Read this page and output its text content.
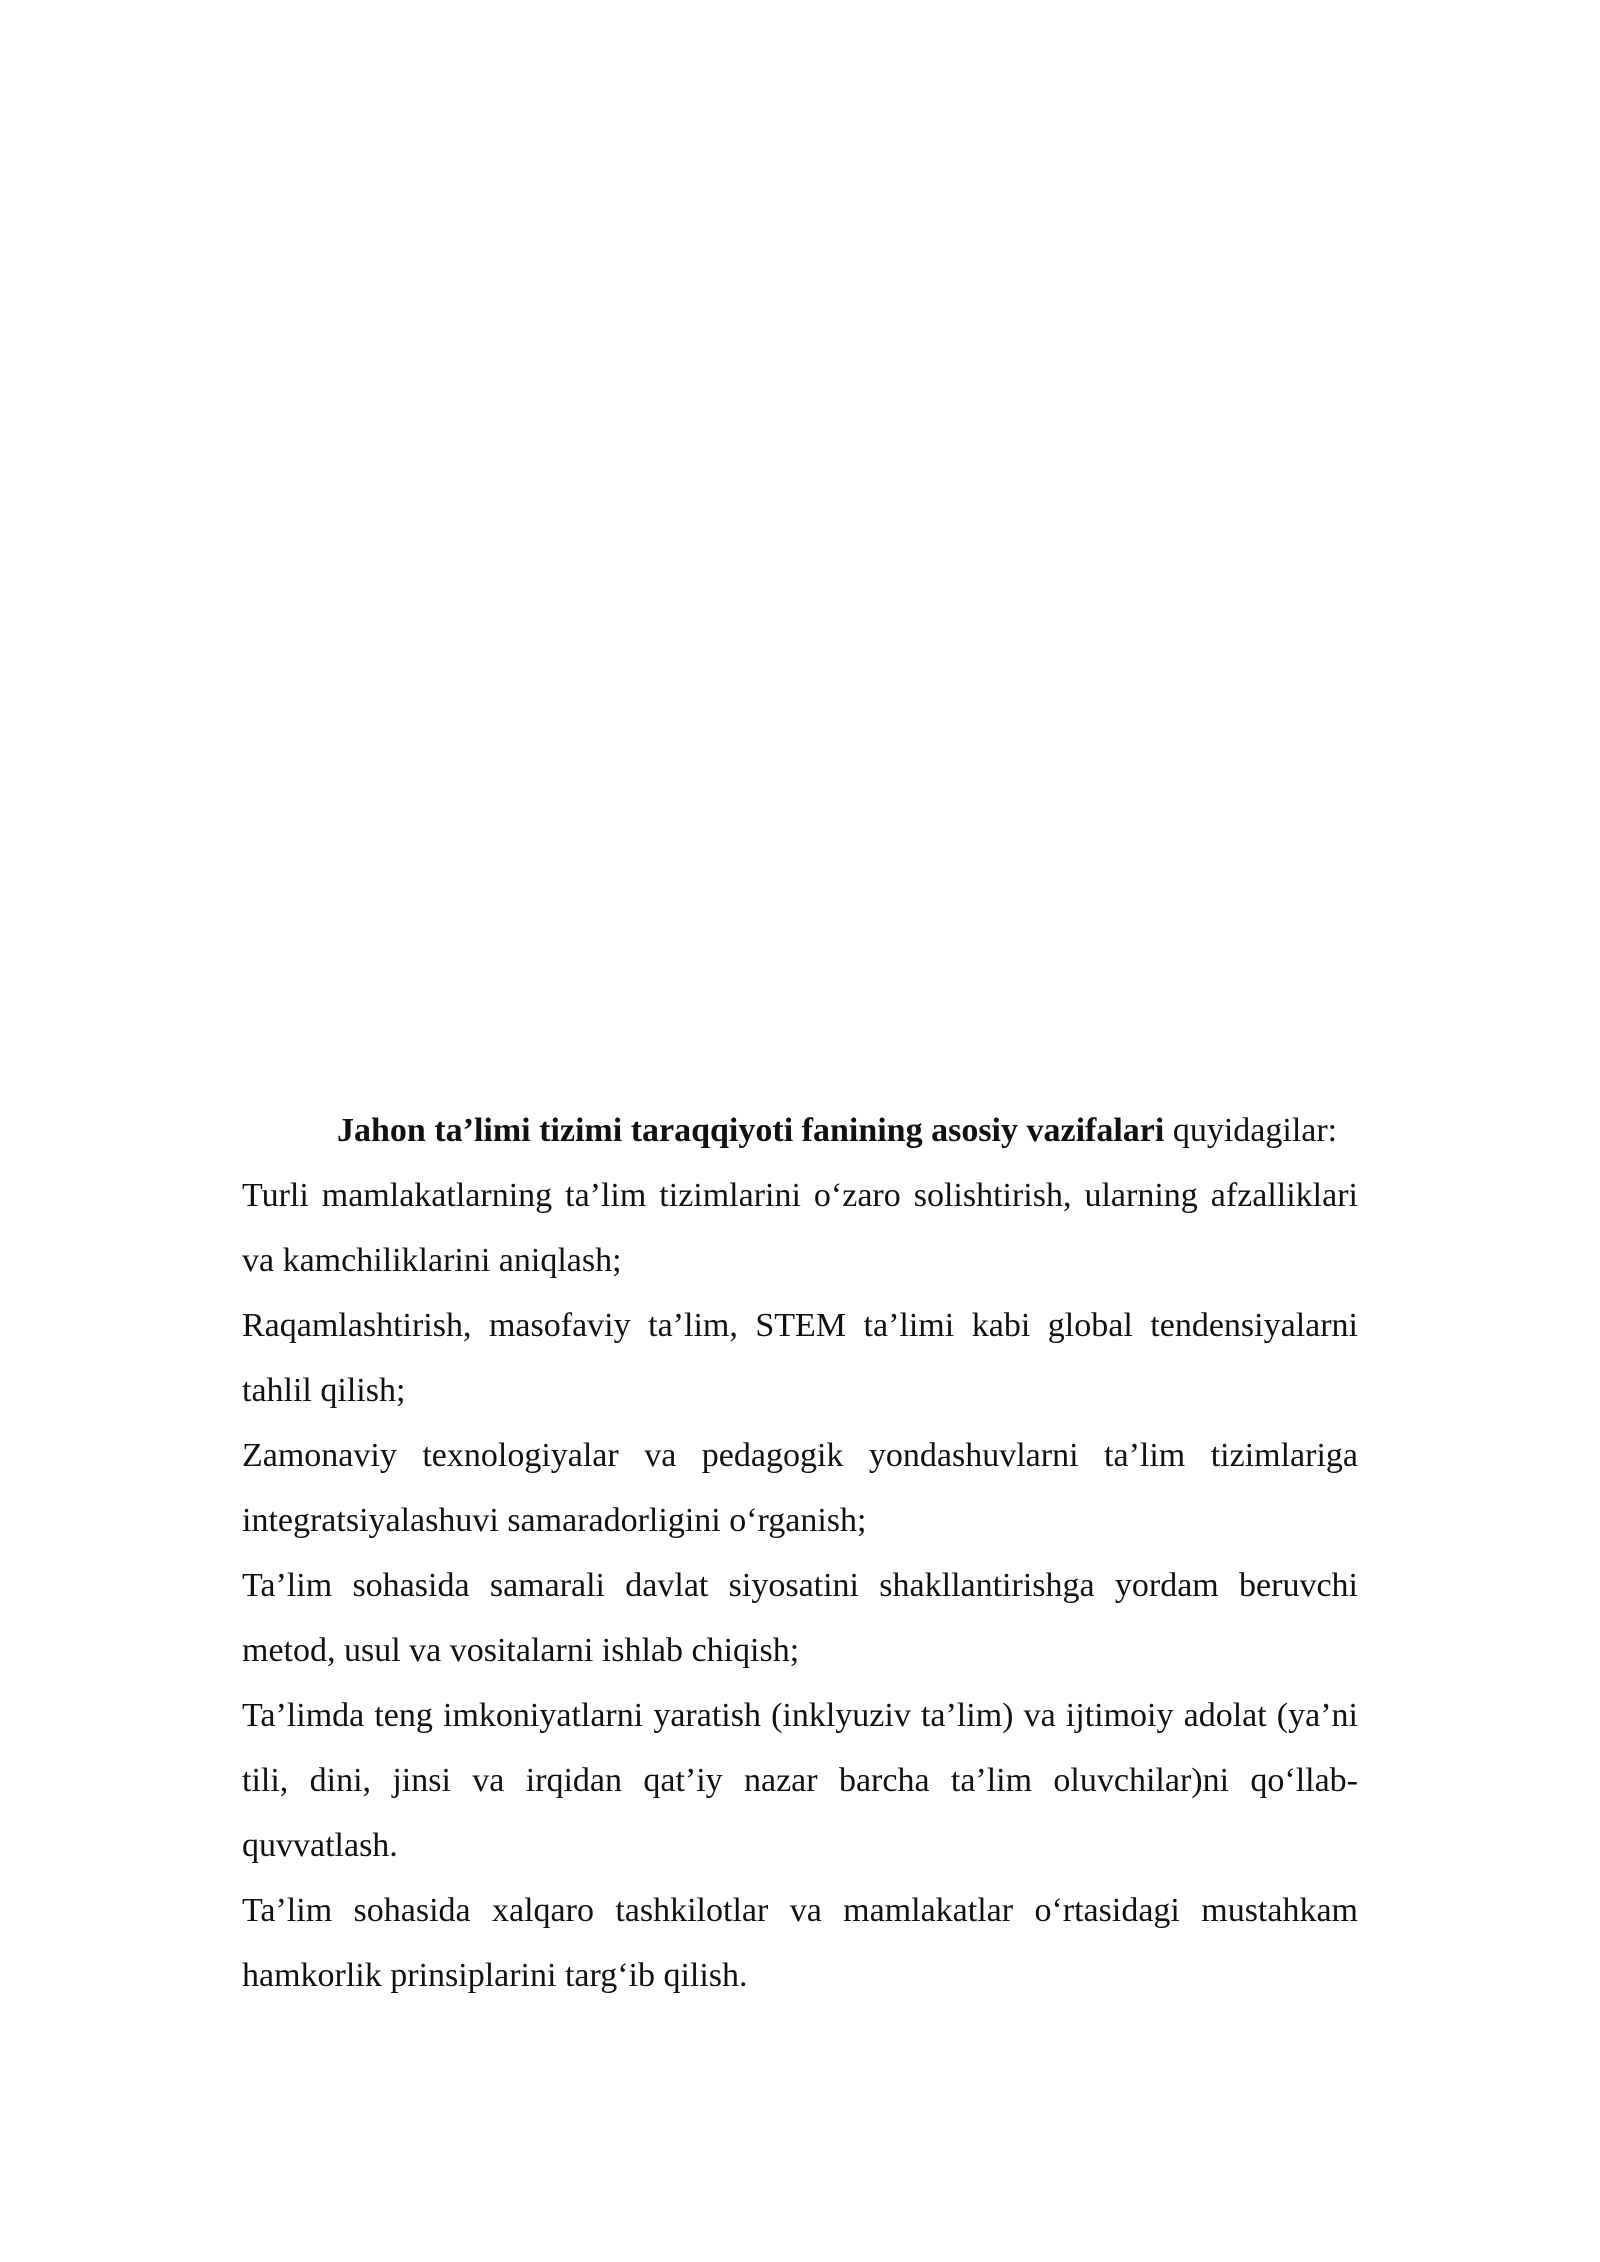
Jahon ta’limi tizimi taraqqiyoti fanining asosiy vazifalari quyidagilar:

Turli mamlakatlarning ta’lim tizimlarini o‘zaro solishtirish, ularning afzalliklari va kamchiliklarini aniqlash;

Raqamlashtirish, masofaviy ta’lim, STEM ta’limi kabi global tendensiyalarni tahlil qilish;

Zamonaviy texnologiyalar va pedagogik yondashuvlarni ta’lim tizimlariga integratsiyalashuvi samaradorligini o‘rganish;

Ta’lim sohasida samarali davlat siyosatini shakllantirishga yordam beruvchi metod, usul va vositalarni ishlab chiqish;

Ta’limda teng imkoniyatlarni yaratish (inklyuziv ta’lim) va ijtimoiy adolat (ya’ni tili, dini, jinsi va irqidan qat’iy nazar barcha ta’lim oluvchilar)ni qo‘llab-quvvatlash.

Ta’lim sohasida xalqaro tashkilotlar va mamlakatlar o‘rtasidagi mustahkam hamkorlik prinsiplarini targ‘ib qilish.
